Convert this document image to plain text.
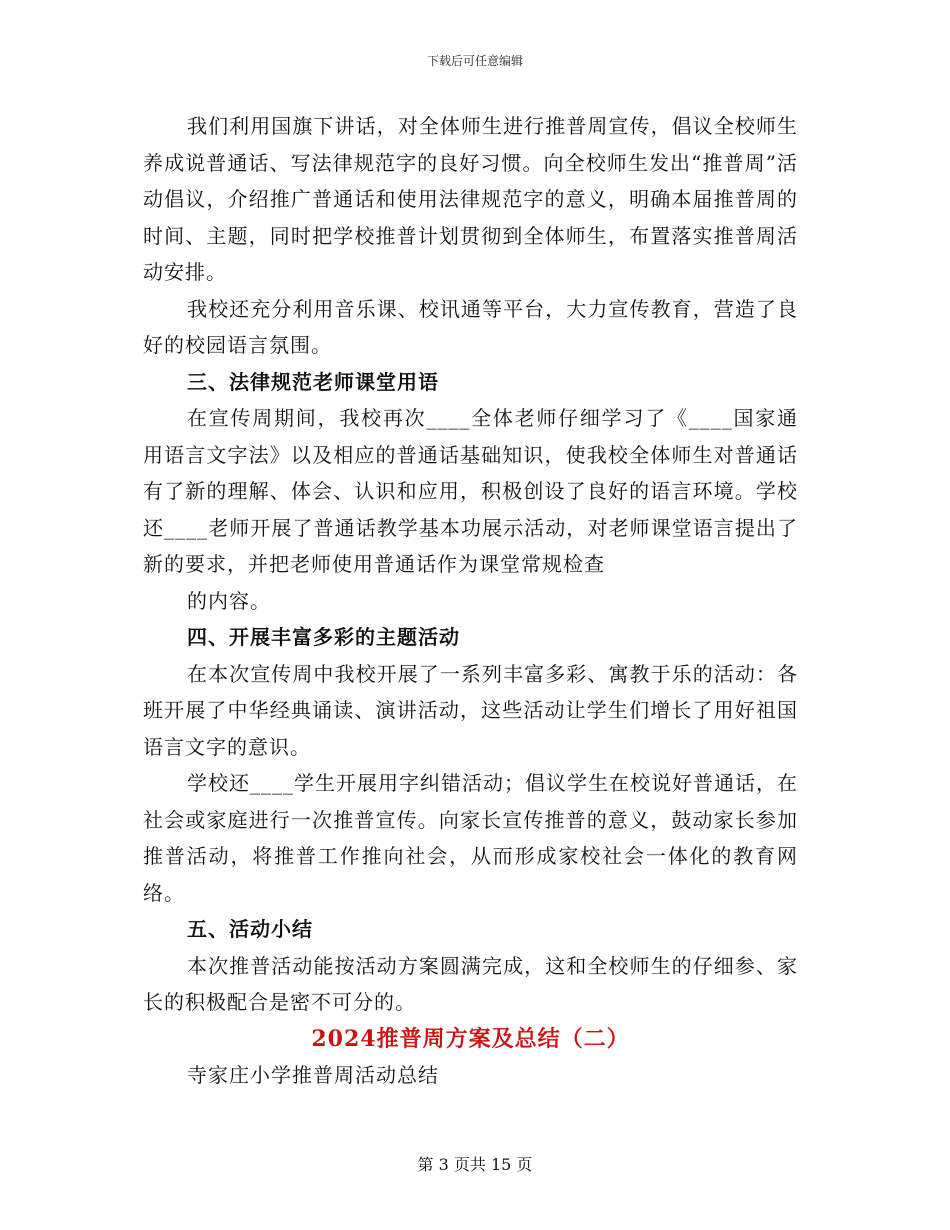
下载后可任意编辑

我们利用国旗下讲话，对全体师生进行推普周宣传，倡议全校师生养成说普通话、写法律规范字的良好习惯。向全校师生发出“推普周”活动倡议，介绍推广普通话和使用法律规范字的意义，明确本届推普周的时间、主题，同时把学校推普计划贯彻到全体师生，布置落实推普周活动安排。

我校还充分利用音乐课、校讯通等平台，大力宣传教育，营造了良好的校园语言氛围。

三、法律规范老师课堂用语

在宣传周期间，我校再次____全体老师仔细学习了《____国家通用语言文字法》以及相应的普通话基础知识，使我校全体师生对普通话有了新的理解、体会、认识和应用，积极创设了良好的语言环境。学校还____老师开展了普通话教学基本功展示活动，对老师课堂语言提出了新的要求，并把老师使用普通话作为课堂常规检查

的内容。

四、开展丰富多彩的主题活动

在本次宣传周中我校开展了一系列丰富多彩、寓教于乐的活动：各班开展了中华经典诵读、演讲活动，这些活动让学生们增长了用好祖国语言文字的意识。

学校还____学生开展用字纠错活动；倡议学生在校说好普通话，在社会或家庭进行一次推普宣传。向家长宣传推普的意义，鼓动家长参加推普活动，将推普工作推向社会，从而形成家校社会一体化的教育网络。

五、活动小结

本次推普活动能按活动方案圆满完成，这和全校师生的仔细参、家长的积极配合是密不可分的。

2024推普周方案及总结（二）

寺家庄小学推普周活动总结

第 3 页共 15 页
